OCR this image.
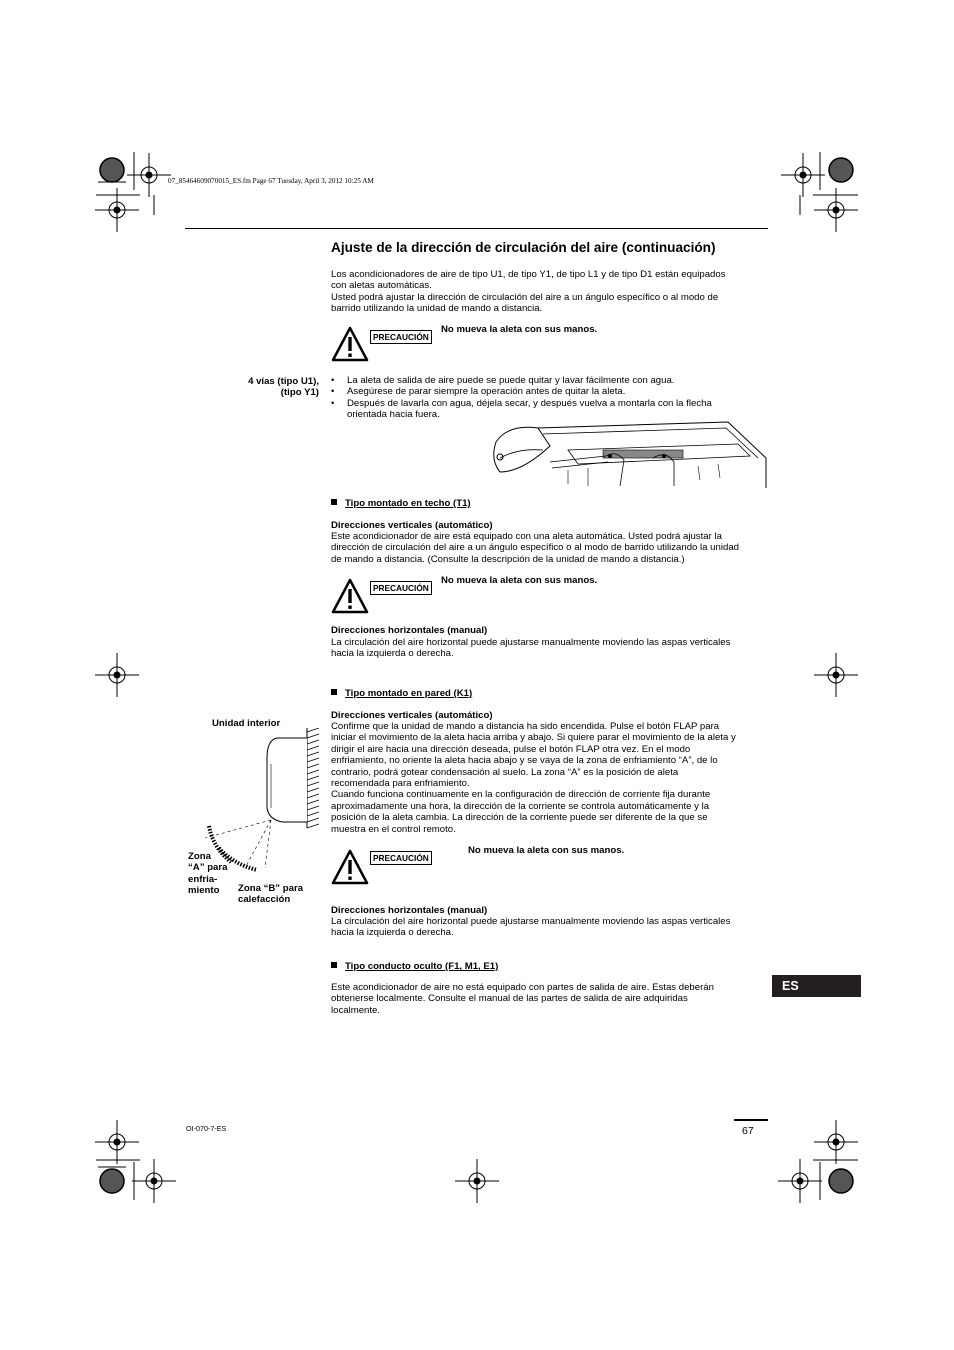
07_85464609070015_ES.fm Page 67 Tuesday, April 3, 2012 10:25 AM
Ajuste de la dirección de circulación del aire (continuación)
Los acondicionadores de aire de tipo U1, de tipo Y1, de tipo L1 y de tipo D1 están equipados
con aletas automáticas.
Usted podrá ajustar la dirección de circulación del aire a un ángulo específico o al modo de
barrido utilizando la unidad de mando a distancia.
PRECAUCIÓN
No mueva la aleta con sus manos.
4 vías (tipo U1),
(tipo Y1)
• La aleta de salida de aire puede se puede quitar y lavar fácilmente con agua.
• Asegúrese de parar siempre la operación antes de quitar la aleta.
• Después de lavarla con agua, déjela secar, y después vuelva a montarla con la flecha
orientada hacia fuera.
Tipo montado en techo (T1)
Direcciones verticales (automático)
Este acondicionador de aire está equipado con una aleta automática. Usted podrá ajustar la
dirección de circulación del aire a un ángulo específico o al modo de barrido utilizando la unidad
de mando a distancia. (Consulte la descripción de la unidad de mando a distancia.)
PRECAUCIÓN
No mueva la aleta con sus manos.
Direcciones horizontales (manual)
La circulación del aire horizontal puede ajustarse manualmente moviendo las aspas verticales
hacia la izquierda o derecha.
Tipo montado en pared (K1)
Direcciones verticales (automático)
Confirme que la unidad de mando a distancia ha sido encendida. Pulse el botón FLAP para
iniciar el movimiento de la aleta hacia arriba y abajo. Si quiere parar el movimiento de la aleta y
dirigir el aire hacia una dirección deseada, pulse el botón FLAP otra vez. En el modo
enfriamiento, no oriente la aleta hacia abajo y se vaya de la zona de enfriamiento “A”, de lo
contrario, podrá gotear condensación al suelo. La zona “A” es la posición de aleta
recomendada para enfriamiento.
Cuando funciona continuamente en la configuración de dirección de corriente fija durante
aproximadamente una hora, la dirección de la corriente se controla automáticamente y la
posición de la aleta cambia. La dirección de la corriente puede ser diferente de la que se
muestra en el control remoto.
Unidad interior
Zona
“A” para
enfria-
miento	Zona “B” para
calefacción
PRECAUCIÓN
No mueva la aleta con sus manos.
Direcciones horizontales (manual)
La circulación del aire horizontal puede ajustarse manualmente moviendo las aspas verticales
hacia la izquierda o derecha.
Tipo conducto oculto (F1, M1, E1)
Este acondicionador de aire no está equipado con partes de salida de aire. Estas deberán
obtenerse localmente. Consulte el manual de las partes de salida de aire adquiridas
localmente.
ES
OI-070-7-ES	67
